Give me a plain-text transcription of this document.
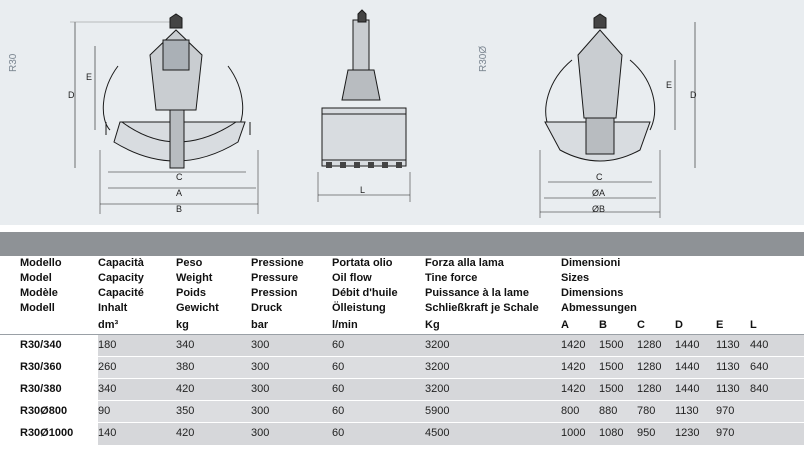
R30	R30Ø
D
E
C
A
B
L
D
E
C
ØA
ØB
Modello	Capacità	Peso	Pressione	Portata olio	Forza alla lama	Dimensioni					
Model	Capacity	Weight	Pressure	Oil flow	Tine force	Sizes					
Modèle	Capacité	Poids	Pression	Débit d'huile	Puissance à la lame	Dimensions					
Modell	Inhalt	Gewicht	Druck	Ölleistung	Schließkraft je Schale	Abmessungen					
	dm³	kg	bar	l/min	Kg	A	B	C	D	E	L
R30/340	180	340	300	60	3200	1420	1500	1280	1440	1130	440
R30/360	260	380	300	60	3200	1420	1500	1280	1440	1130	640
R30/380	340	420	300	60	3200	1420	1500	1280	1440	1130	840
R30Ø800	90	350	300	60	5900	800	880	780	1130	970	
R30Ø1000	140	420	300	60	4500	1000	1080	950	1230	970	
